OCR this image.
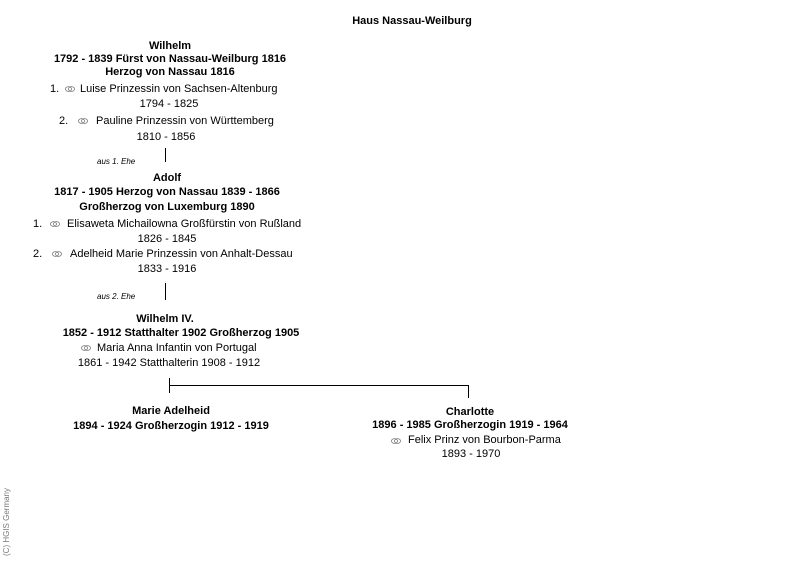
Haus Nassau-Weilburg
Wilhelm
1792 - 1839 Fürst von Nassau-Weilburg 1816
Herzog von Nassau 1816
1. Luise Prinzessin von Sachsen-Altenburg
1794 - 1825
2.	Pauline Prinzessin von Württemberg
1810 - 1856
aus 1. Ehe
Adolf
1817 - 1905 Herzog von Nassau 1839 - 1866
Großherzog von Luxemburg 1890
1. Elisaweta Michailowna Großfürstin von Rußland
1826 - 1845
2.	Adelheid Marie Prinzessin von Anhalt-Dessau
1833 - 1916
aus 2. Ehe
Wilhelm IV.
1852 - 1912 Statthalter 1902 Großherzog 1905
Maria Anna Infantin von Portugal
1861 - 1942 Statthalterin 1908 - 1912
Marie Adelheid
1894 - 1924 Großherzogin 1912 - 1919
Charlotte
1896 - 1985 Großherzogin 1919 - 1964
Felix Prinz von Bourbon-Parma
1893 - 1970
(C) HGIS Germany
